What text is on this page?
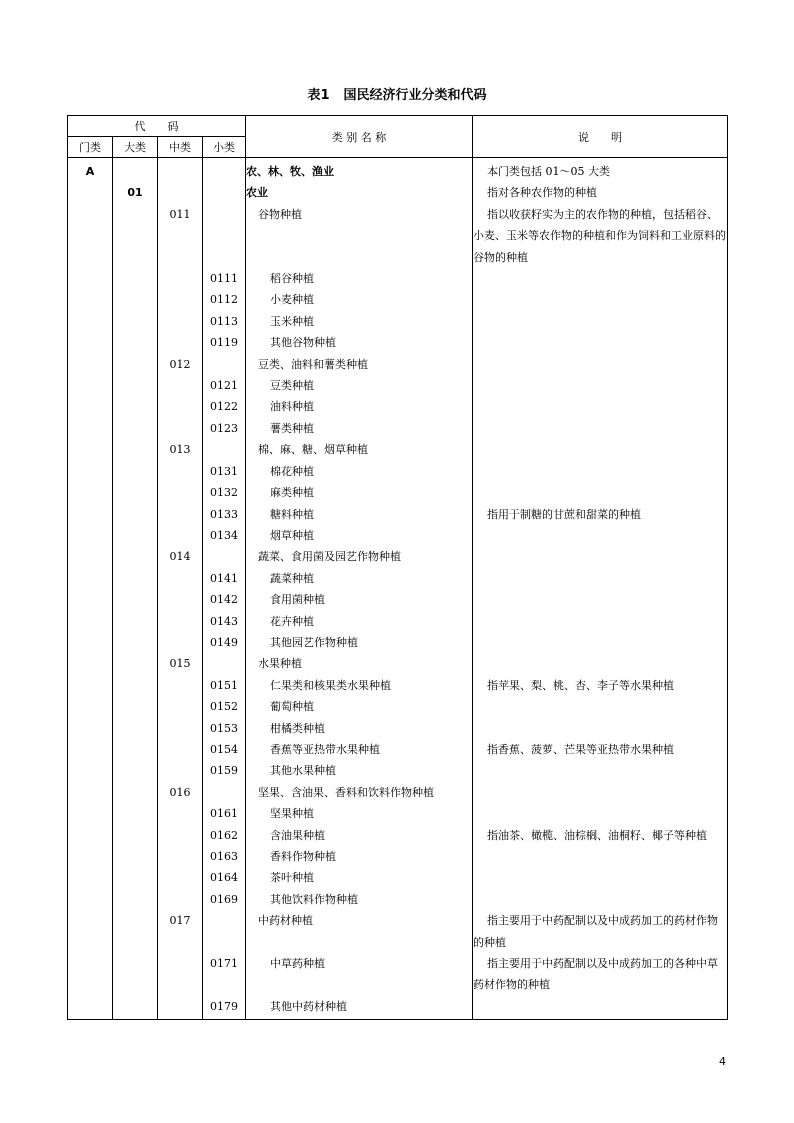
表1 国民经济行业分类和代码
代　　码				类 别 名 称	说　　明
门类	大类	中类	小类		
A				农、林、牧、渔业	本门类包括 01～05 大类

	01			农业	指对各种农作物的种植

		011		谷物种植	指以收获籽实为主的农作物的种植，包括稻谷、小麦、玉米等农作物的种植和作为饲料和工业原料的谷物的种植

			0111	稻谷种植	

			0112	小麦种植	

			0113	玉米种植	

			0119	其他谷物种植	

		012		豆类、油料和薯类种植	

			0121	豆类种植	

			0122	油料种植	

			0123	薯类种植	

		013		棉、麻、糖、烟草种植	

			0131	棉花种植	

			0132	麻类种植	

			0133	糖料种植	指用于制糖的甘蔗和甜菜的种植

			0134	烟草种植	

		014		蔬菜、食用菌及园艺作物种植	

			0141	蔬菜种植	

			0142	食用菌种植	

			0143	花卉种植	

			0149	其他园艺作物种植	

		015		水果种植	

			0151	仁果类和核果类水果种植	指苹果、梨、桃、杏、李子等水果种植

			0152	葡萄种植	

			0153	柑橘类种植	

			0154	香蕉等亚热带水果种植	指香蕉、菠萝、芒果等亚热带水果种植

			0159	其他水果种植	

		016		坚果、含油果、香料和饮料作物种植	

			0161	坚果种植	

			0162	含油果种植	指油茶、橄榄、油棕榈、油桐籽、椰子等种植

			0163	香料作物种植	

			0164	茶叶种植	

			0169	其他饮料作物种植	

		017		中药材种植	指主要用于中药配制以及中成药加工的药材作物的种植

			0171	中草药种植	指主要用于中药配制以及中成药加工的各种中草药材作物的种植

			0179	其他中药材种植	
4
